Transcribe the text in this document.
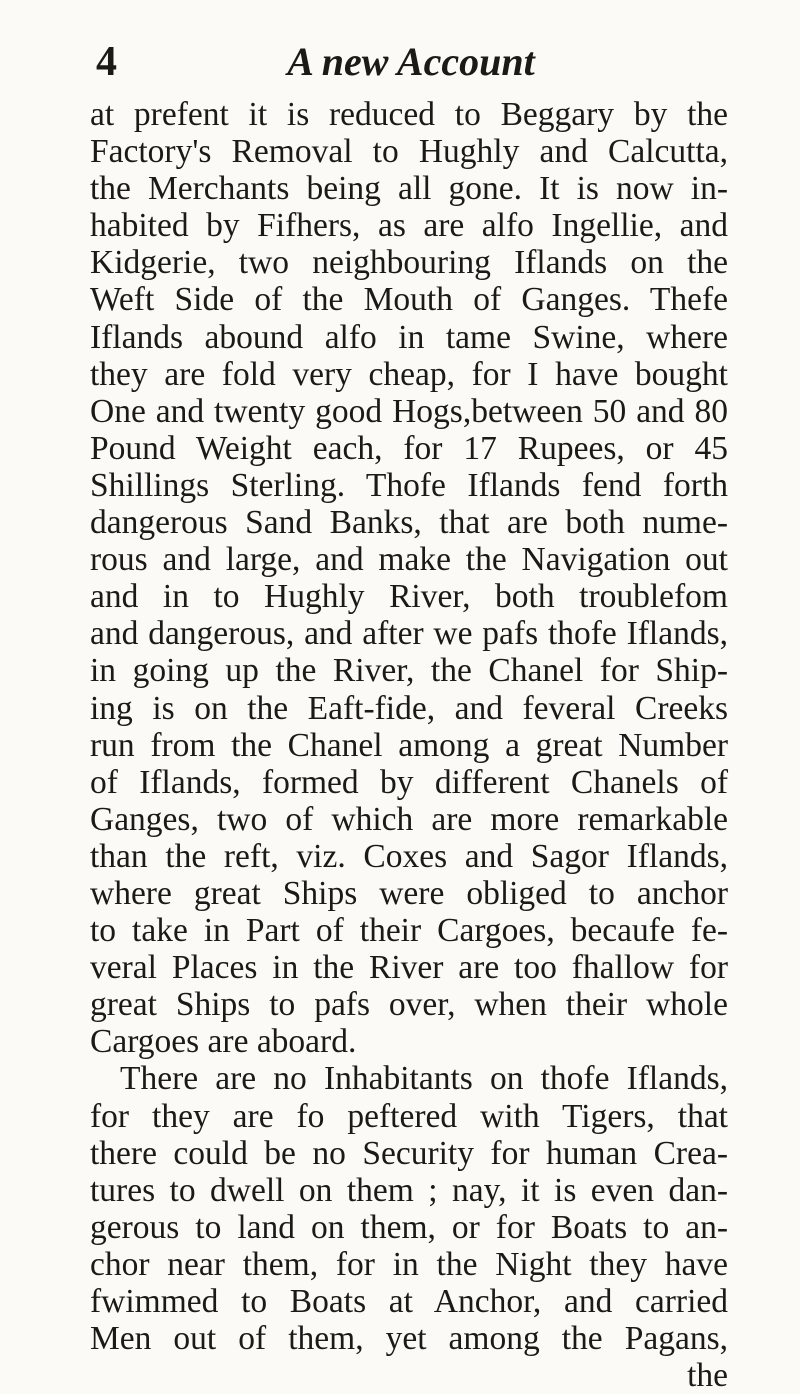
4	A new Account
at prefent it is reduced to Beggary by the
Factory's Removal to Hughly and Calcutta,
the Merchants being all gone. It is now in-
habited by Fifhers, as are alfo Ingellie, and
Kidgerie, two neighbouring Iflands on the
Weft Side of the Mouth of Ganges. Thefe
Iflands abound alfo in tame Swine, where
they are fold very cheap, for I have bought
One and twenty good Hogs,between 50 and 80
Pound Weight each, for 17 Rupees, or 45
Shillings Sterling. Thofe Iflands fend forth
dangerous Sand Banks, that are both nume-
rous and large, and make the Navigation out
and in to Hughly River, both troublefom
and dangerous, and after we pafs thofe Iflands,
in going up the River, the Chanel for Ship-
ing is on the Eaft-fide, and feveral Creeks
run from the Chanel among a great Number
of Iflands, formed by different Chanels of
Ganges, two of which are more remarkable
than the reft, viz. Coxes and Sagor Iflands,
where great Ships were obliged to anchor
to take in Part of their Cargoes, becaufe fe-
veral Places in the River are too fhallow for
great Ships to pafs over, when their whole
Cargoes are aboard.
There are no Inhabitants on thofe Iflands,
for they are fo peftered with Tigers, that
there could be no Security for human Crea-
tures to dwell on them ; nay, it is even dan-
gerous to land on them, or for Boats to an-
chor near them, for in the Night they have
fwimmed to Boats at Anchor, and carried
Men out of them, yet among the Pagans,
the
